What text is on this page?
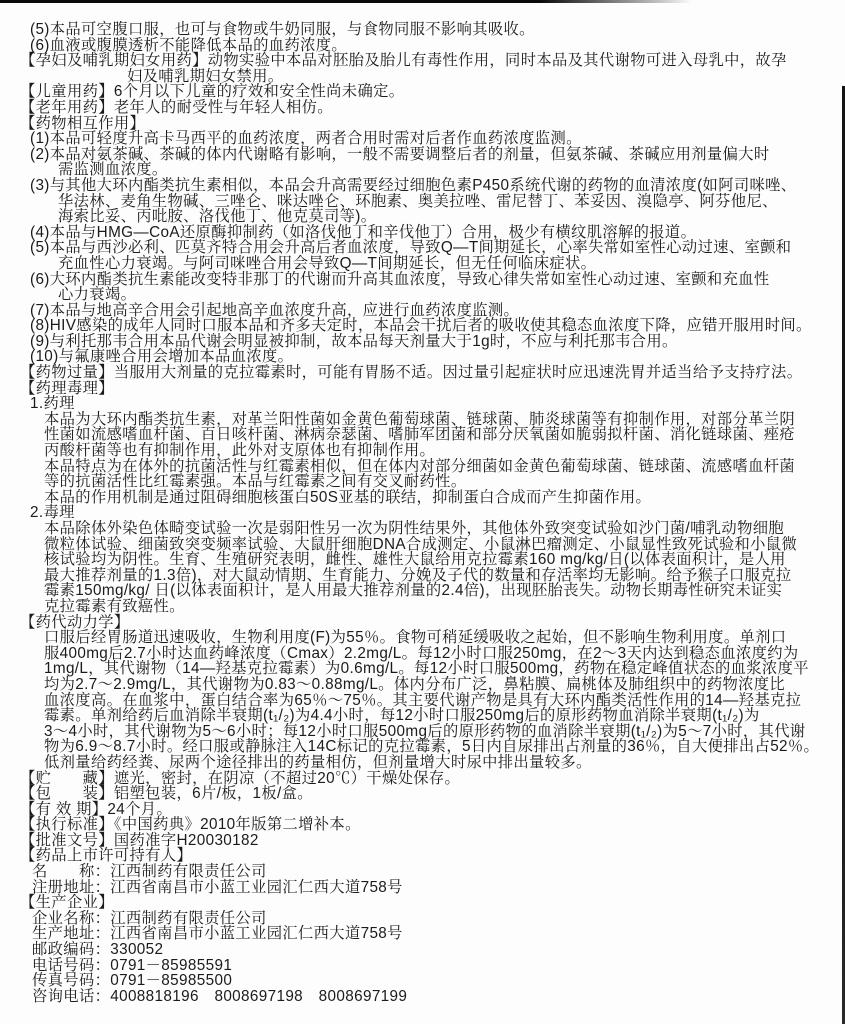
(5)本品可空腹口服，也可与食物或牛奶同服，与食物同服不影响其吸收。
(6)血液或腹膜透析不能降低本品的血药浓度。
【孕妇及哺乳期妇女用药】动物实验中本品对胚胎及胎儿有毒性作用，同时本品及其代谢物可进入母乳中，故孕
妇及哺乳期妇女禁用。
【儿童用药】6个月以下儿童的疗效和安全性尚未确定。
【老年用药】老年人的耐受性与年轻人相仿。
【药物相互作用】
(1)本品可轻度升高卡马西平的血药浓度，两者合用时需对后者作血药浓度监测。
(2)本品对氨茶碱、茶碱的体内代谢略有影响，一般不需要调整后者的剂量，但氨茶碱、茶碱应用剂量偏大时
需监测血浓度。
(3)与其他大环内酯类抗生素相似，本品会升高需要经过细胞色素P450系统代谢的药物的血清浓度(如阿司咪唑、
华法林、麦角生物碱、三唑仑、咪达唑仑、环胞素、奥美拉唑、雷尼替丁、苯妥因、溴隐亭、阿芬他尼、
海索比妥、丙吡胺、洛伐他丁、他克莫司等)。
(4)本品与HMG—CoA还原酶抑制药（如洛伐他丁和辛伐他丁）合用，极少有横纹肌溶解的报道。
(5)本品与西沙必利、匹莫齐特合用会升高后者血浓度，导致Q—T间期延长，心率失常如室性心动过速、室颤和
充血性心力衰竭。与阿司咪唑合用会导致Q—T间期延长，但无任何临床症状。
(6)大环内酯类抗生素能改变特非那丁的代谢而升高其血浓度，导致心律失常如室性心动过速、室颤和充血性
心力衰竭。
(7)本品与地高辛合用会引起地高辛血浓度升高，应进行血药浓度监测。
(8)HIV感染的成年人同时口服本品和齐多夫定时，本品会干扰后者的吸收使其稳态血浓度下降，应错开服用时间。
(9)与利托那韦合用本品代谢会明显被抑制，故本品每天剂量大于1g时，不应与利托那韦合用。
(10)与氟康唑合用会增加本品血浓度。
【药物过量】当服用大剂量的克拉霉素时，可能有胃肠不适。因过量引起症状时应迅速洗胃并适当给予支持疗法。
【药理毒理】
1.药理
本品为大环内酯类抗生素，对革兰阳性菌如金黄色葡萄球菌、链球菌、肺炎球菌等有抑制作用，对部分革兰阴
性菌如流感嗜血杆菌、百日咳杆菌、淋病奈瑟菌、嗜肺军团菌和部分厌氧菌如脆弱拟杆菌、消化链球菌、痤疮
丙酸杆菌等也有抑制作用，此外对支原体也有抑制作用。
本品特点为在体外的抗菌活性与红霉素相似，但在体内对部分细菌如金黄色葡萄球菌、链球菌、流感嗜血杆菌
等的抗菌活性比红霉素强。本品与红霉素之间有交叉耐药性。
本品的作用机制是通过阻碍细胞核蛋白50S亚基的联结，抑制蛋白合成而产生抑菌作用。
2.毒理
本品除体外染色体畸变试验一次是弱阳性另一次为阴性结果外，其他体外致突变试验如沙门菌/哺乳动物细胞
微粒体试验、细菌致突变频率试验、大鼠肝细胞DNA合成测定、小鼠淋巴瘤测定、小鼠显性致死试验和小鼠微
核试验均为阴性。生育、生殖研究表明，雌性、雄性大鼠给用克拉霉素160 mg/kg/日(以体表面积计，是人用
最大推荐剂量的1.3倍)，对大鼠动情期、生育能力、分娩及子代的数量和存活率均无影响。给予猴子口服克拉
霉素150mg/kg/ 日(以体表面积计，是人用最大推荐剂量的2.4倍)，出现胚胎丧失。动物长期毒性研究未证实
克拉霉素有致癌性。
【药代动力学】
口服后经胃肠道迅速吸收，生物利用度(F)为55％。食物可稍延缓吸收之起始，但不影响生物利用度。单剂口
服400mg后2.7小时达血药峰浓度（Cmax）2.2mg/L。每12小时口服250mg，在2～3天内达到稳态血浓度约为
1mg/L，其代谢物（14—羟基克拉霉素）为0.6mg/L。每12小时口服500mg，药物在稳定峰值状态的血浆浓度平
均为2.7～2.9mg/L，其代谢物为0.83～0.88mg/L。体内分布广泛，鼻粘膜、扁桃体及肺组织中的药物浓度比
血浓度高。在血浆中，蛋白结合率为65％～75％。其主要代谢产物是具有大环内酯类活性作用的14—羟基克拉
霉素。单剂给药后血消除半衰期(t₁/₂)为4.4小时，每12小时口服250mg后的原形药物血消除半衰期(t₁/₂)为
3～4小时，其代谢物为5～6小时；每12小时口服500mg后的原形药物的血消除半衰期(t₁/₂)为5～7小时，其代谢
物为6.9～8.7小时。经口服或静脉注入14C标记的克拉霉素，5日内自尿排出占剂量的36％，自大便排出占52％。
低剂量给药经粪、尿两个途径排出的药量相仿，但剂量增大时尿中排出量较多。
【贮　　藏】遮光，密封，在阴凉（不超过20℃）干燥处保存。
【包　　装】铝塑包装，6片/板，1板/盒。
【有 效 期】24个月。
【执行标准】《中国药典》2010年版第二增补本。
【批准文号】国药准字H20030182
【药品上市许可持有人】
名　　称：江西制药有限责任公司
注册地址：江西省南昌市小蓝工业园汇仁西大道758号
【生产企业】
企业名称：江西制药有限责任公司
生产地址：江西省南昌市小蓝工业园汇仁西大道758号
邮政编码：330052
电话号码：0791－85985591
传真号码：0791－85985500
咨询电话：4008818196　8008697198　8008697199
